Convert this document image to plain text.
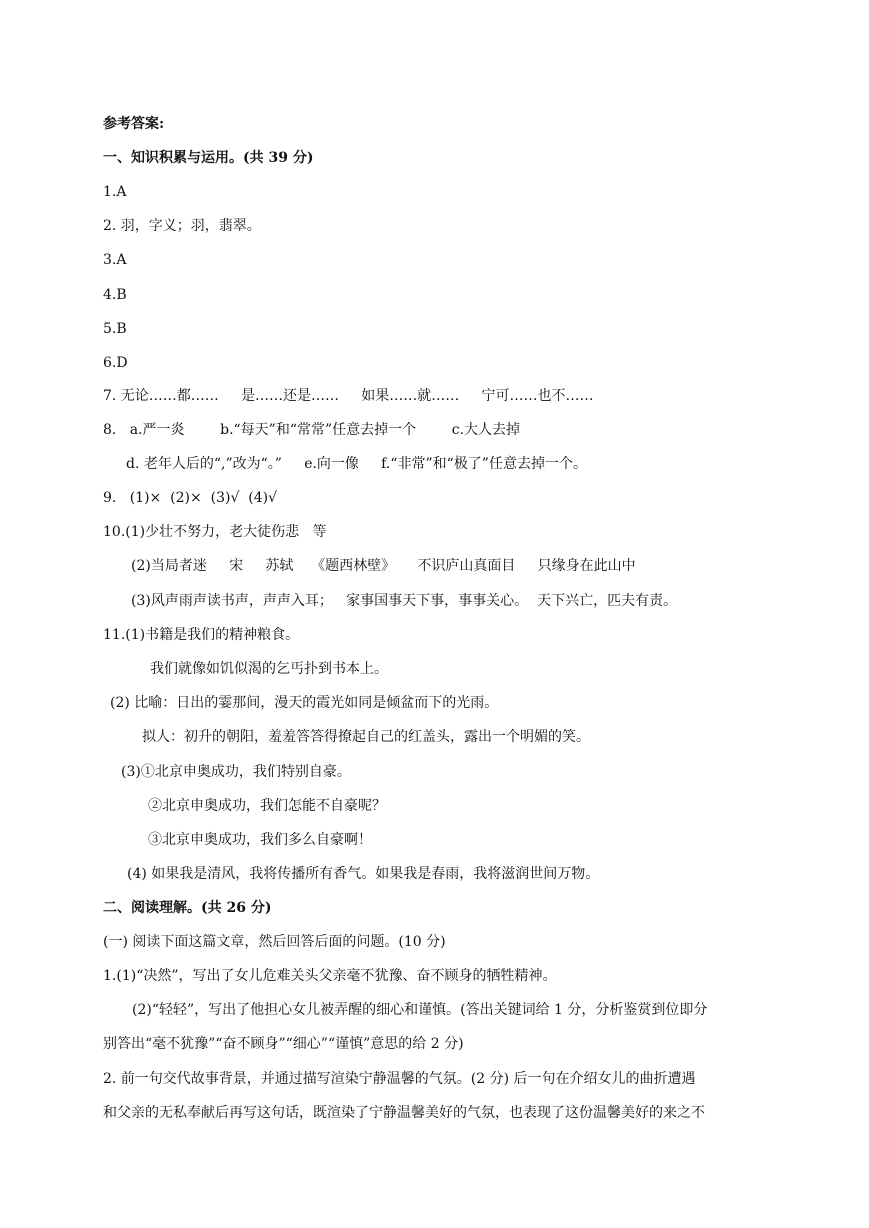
参考答案:
一、知识积累与运用。(共 39 分)
1.A
2. 羽，字义；羽，翡翠。
3.A
4.B
5.B
6.D
7. 无论……都……     是……还是……     如果……就……     宁可……也不……
8.   a.严一炎        b.“每天”和“常常”任意去掉一个        c.大人去掉
d. 老年人后的“,”改为“。”     e.向一像     f.“非常”和“极了”任意去掉一个。
9.   (1)×  (2)×  (3)√  (4)√
10.(1)少壮不努力，老大徒伤悲   等
(2)当局者迷     宋     苏轼    《题西林壁》     不识庐山真面目     只缘身在此山中
(3)风声雨声读书声，声声入耳；   家事国事天下事，事事关心。  天下兴亡，匹夫有责。
11.(1)书籍是我们的精神粮食。
我们就像如饥似渴的乞丐扑到书本上。
(2) 比喻：日出的霎那间，漫天的霞光如同是倾盆而下的光雨。
拟人：初升的朝阳，羞羞答答得撩起自己的红盖头，露出一个明媚的笑。
(3)①北京申奥成功，我们特别自豪。
②北京申奥成功，我们怎能不自豪呢？
③北京申奥成功，我们多么自豪啊！
(4) 如果我是清风，我将传播所有香气。如果我是春雨，我将滋润世间万物。
二、阅读理解。(共 26 分)
(一) 阅读下面这篇文章，然后回答后面的问题。(10 分)
1.(1)“决然”，写出了女儿危难关头父亲毫不犹豫、奋不顾身的牺牲精神。
(2)“轻轻”，写出了他担心女儿被弄醒的细心和谨慎。(答出关键词给 1 分，分析鉴赏到位即分
别答出“毫不犹豫”“奋不顾身”“细心”“谨慎”意思的给 2 分)
2. 前一句交代故事背景，并通过描写渲染宁静温馨的气氛。(2 分) 后一句在介绍女儿的曲折遭遇
和父亲的无私奉献后再写这句话，既渲染了宁静温馨美好的气氛，也表现了这份温馨美好的来之不
